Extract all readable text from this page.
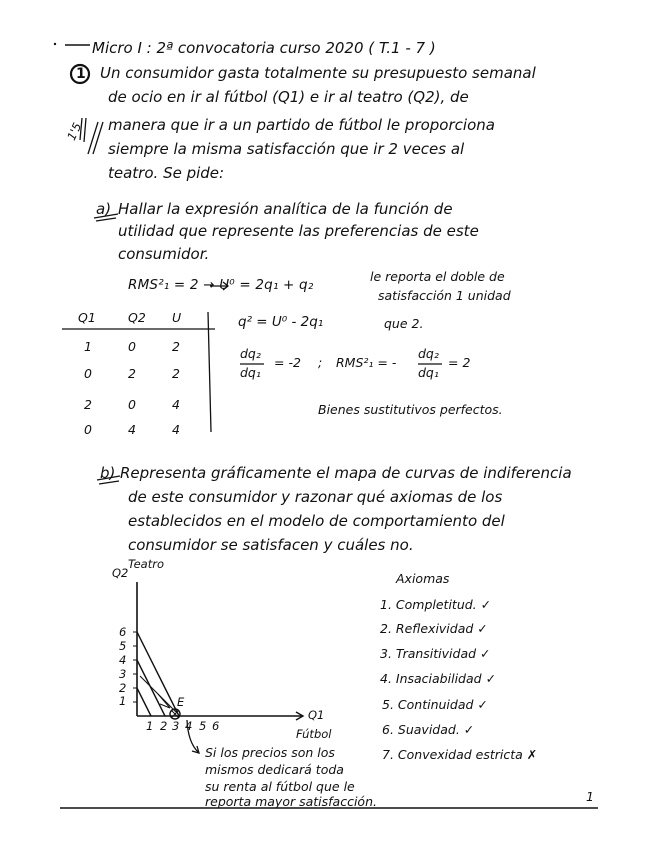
Micro I : 2ª convocatoria curso 2020 ( T.1 - 7 )
1
1'5
Un consumidor gasta totalmente su presupuesto semanal
de ocio en ir al fútbol (Q1) e ir al teatro (Q2), de
manera que ir a un partido de fútbol le proporciona
siempre la misma satisfacción que ir 2 veces al
teatro. Se pide:
a) Hallar la expresión analítica de la función de
utilidad que represente las preferencias de este
consumidor.
RMS²₁ = 2 → U⁰ = 2q₁ + q₂
le reporta el doble de
satisfacción 1 unidad
que 2.
Q1	Q2 U
1	0	2
0	2	2
2	0	4
0	4	4
q² = U⁰ - 2q₁
dq₂
dq₁
= -2 ; RMS²₁ = -
dq₂
dq₁
= 2
Bienes sustitutivos perfectos.
b) Representa gráficamente el mapa de curvas de indiferencia
de este consumidor y razonar qué axiomas de los
establecidos en el modelo de comportamiento del
consumidor se satisfacen y cuáles no.
Teatro
Q2
1
2
3
4
5
6
1 2 3 4 5 6
E
Q1
Fútbol
Axiomas
1. Completitud. ✓
2. Reflexividad ✓
3. Transitividad ✓
4. Insaciabilidad ✓
5. Continuidad ✓
6. Suavidad. ✓
7. Convexidad estricta ✗
Si los precios son los
mismos dedicará toda
su renta al fútbol que le
reporta mayor satisfacción.	1
